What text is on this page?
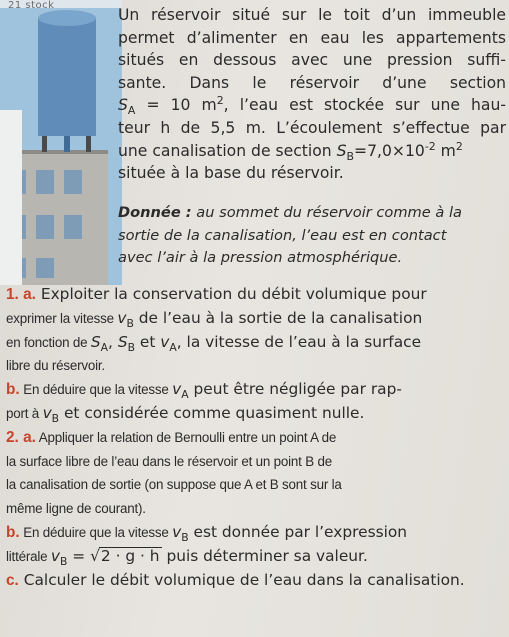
21 stock
Un réservoir situé sur le toit d’un immeuble
permet d’alimenter en eau les appartements
situés en dessous avec une pression suffi-
sante. Dans le réservoir d’une section
$S_A = 10$ $m^2$, l’eau est stockée sur une hau-
teur h de 5,5 m. L’écoulement s’effectue par
une canalisation de section $S_B=7,0\times 10^{-2}$ $m^2$
située à la base du réservoir.
Donnée : au sommet du réservoir comme à la
sortie de la canalisation, l’eau est en contact
avec l’air à la pression atmosphérique.
1. a. Exploiter la conservation du débit volumique pour
exprimer la vitesse $v_B$ de l’eau à la sortie de la canalisation
en fonction de $S_A$, $S_B$ et $v_A$, la vitesse de l’eau à la surface
libre du réservoir.
b. En déduire que la vitesse $v_A$ peut être négligée par rap-
port à $v_B$ et considérée comme quasiment nulle.
2. a. Appliquer la relation de Bernoulli entre un point A de
la surface libre de l’eau dans le réservoir et un point B de
la canalisation de sortie (on suppose que A et B sont sur la
même ligne de courant).
b. En déduire que la vitesse $v_B$ est donnée par l’expression
littérale $v_B = √2 \cdot g \cdot h$ puis déterminer sa valeur.
c. Calculer le débit volumique de l’eau dans la canalisation.
